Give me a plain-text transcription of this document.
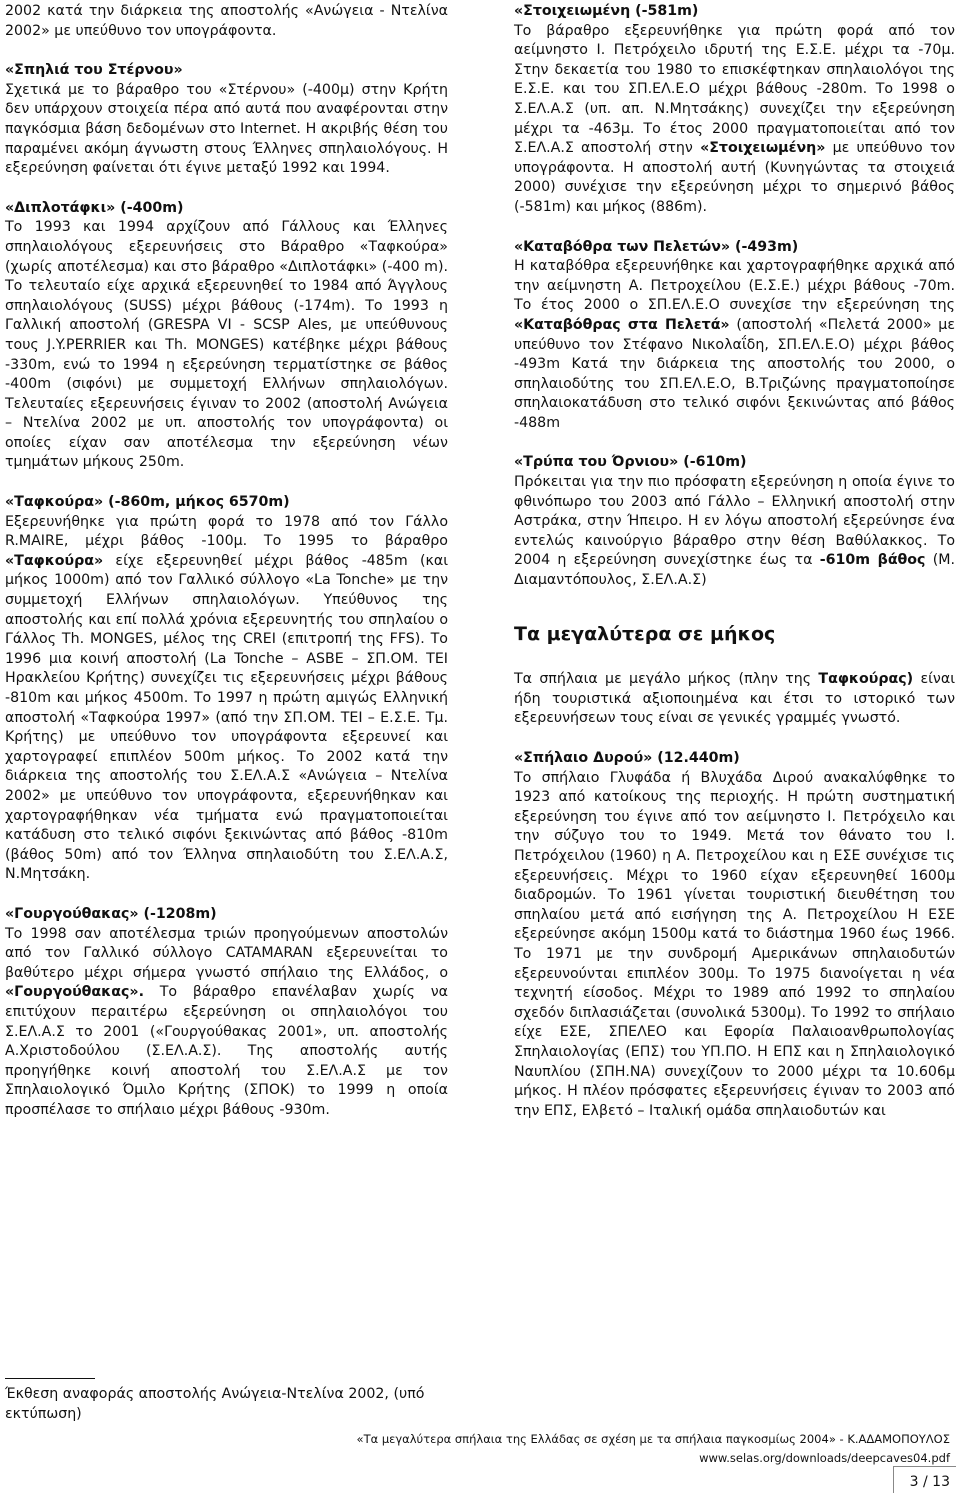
2002 κατά την διάρκεια της αποστολής «Ανώγεια - Ντελίνα 2002» με υπεύθυνο τον υπογράφοντα.

«Σπηλιά του Στέρνου»

Σχετικά με το βάραθρο του «Στέρνου» (-400μ) στην Κρήτη δεν υπάρχουν στοιχεία πέρα από αυτά που αναφέρονται στην παγκόσμια βάση δεδομένων στο Internet. Η ακριβής θέση του παραμένει ακόμη άγνωστη στους Έλληνες σπηλαιολόγους. Η εξερεύνηση φαίνεται ότι έγινε μεταξύ 1992 και 1994.

«Διπλοτάφκι» (-400m)

Το 1993 και 1994 αρχίζουν από Γάλλους και Έλληνες σπηλαιολόγους εξερευνήσεις στο Βάραθρο «Ταφκούρα» (χωρίς αποτέλεσμα) και στο βάραθρο «Διπλοτάφκι» (-400 m). Το τελευταίο είχε αρχικά εξερευνηθεί το 1984 από Άγγλους σπηλαιολόγους (SUSS) μέχρι βάθους (-174m). Το 1993 η Γαλλική αποστολή (GRESPA VI - SCSP Ales, με υπεύθυνους τους J.Y.PERRIER και Th. MONGES) κατέβηκε μέχρι βάθους -330m, ενώ το 1994 η εξερεύνηση τερματίστηκε σε βάθος -400m (σιφόνι) με συμμετοχή Ελλήνων σπηλαιολόγων. Τελευταίες εξερευνήσεις έγιναν το 2002 (αποστολή Ανώγεια – Ντελίνα 2002 με υπ. αποστολής τον υπογράφοντα) οι οποίες είχαν σαν αποτέλεσμα την εξερεύνηση νέων τμημάτων μήκους 250m.

«Ταφκούρα» (-860m, μήκος 6570m)

Εξερευνήθηκε για πρώτη φορά το 1978 από τον Γάλλο R.MAIRE, μέχρι βάθος -100μ. Το 1995 το βάραθρο «Ταφκούρα» είχε εξερευνηθεί μέχρι βάθος -485m (και μήκος 1000m) από τον Γαλλικό σύλλογο «La Tonche» με την συμμετοχή Ελλήνων σπηλαιολόγων. Υπεύθυνος της αποστολής και επί πολλά χρόνια εξερευνητής του σπηλαίου ο Γάλλος Th. MONGES, μέλος της CREI (επιτροπή της FFS). Το 1996 μια κοινή αποστολή (La Tonche – ASBE – ΣΠ.ΟΜ. ΤΕΙ Ηρακλείου Κρήτης) συνεχίζει τις εξερευνήσεις μέχρι βάθους -810m και μήκος 4500m. Το 1997 η πρώτη αμιγώς Ελληνική αποστολή «Ταφκούρα 1997» (από την ΣΠ.ΟΜ. ΤΕΙ – Ε.Σ.Ε. Τμ. Κρήτης) με υπεύθυνο τον υπογράφοντα εξερευνεί και χαρτογραφεί επιπλέον 500m μήκος. Το 2002 κατά την διάρκεια της αποστολής του Σ.ΕΛ.Α.Σ «Ανώγεια – Ντελίνα 2002» με υπεύθυνο τον υπογράφοντα, εξερευνήθηκαν και χαρτογραφήθηκαν νέα τμήματα ενώ πραγματοποιείται κατάδυση στο τελικό σιφόνι ξεκινώντας από βάθος -810m (βάθος 50m) από τον Έλληνα σπηλαιοδύτη του Σ.ΕΛ.Α.Σ, Ν.Μητσάκη.

«Γουργούθακας» (-1208m)

Το 1998 σαν αποτέλεσμα τριών προηγούμενων αποστολών από τον Γαλλικό σύλλογο CATAMARAN εξερευνείται το βαθύτερο μέχρι σήμερα γνωστό σπήλαιο της Ελλάδος, ο «Γουργούθακας». Το βάραθρο επανέλαβαν χωρίς να επιτύχουν περαιτέρω εξερεύνηση οι σπηλαιολόγοι του Σ.ΕΛ.Α.Σ το 2001 («Γουργούθακας 2001», υπ. αποστολής Α.Χριστοδούλου (Σ.ΕΛ.Α.Σ). Της αποστολής αυτής προηγήθηκε κοινή αποστολή του Σ.ΕΛ.Α.Σ με τον Σπηλαιολογικό Όμιλο Κρήτης (ΣΠΟΚ) το 1999 η οποία προσπέλασε το σπήλαιο μέχρι βάθους -930m.

Έκθεση αναφοράς αποστολής Ανώγεια-Ντελίνα 2002, (υπό εκτύπωση)

«Στοιχειωμένη (-581m)

Το βάραθρο εξερευνήθηκε για πρώτη φορά από τον αείμνηστο Ι. Πετρόχειλο ιδρυτή της Ε.Σ.Ε. μέχρι τα -70μ. Στην δεκαετία του 1980 το επισκέφτηκαν σπηλαιολόγοι της Ε.Σ.Ε. και του ΣΠ.ΕΛ.Ε.Ο μέχρι βάθους -280m. Το 1998 ο Σ.ΕΛ.Α.Σ (υπ. απ. Ν.Μητσάκης) συνεχίζει την εξερεύνηση μέχρι τα -463μ. Το έτος 2000 πραγματοποιείται από τον Σ.ΕΛ.Α.Σ αποστολή στην «Στοιχειωμένη» με υπεύθυνο τον υπογράφοντα. Η αποστολή αυτή (Κυνηγώντας τα στοιχειά 2000) συνέχισε την εξερεύνηση μέχρι το σημερινό βάθος (-581m) και μήκος (886m).

«Καταβόθρα των Πελετών» (-493m)

Η καταβόθρα εξερευνήθηκε και χαρτογραφήθηκε αρχικά από την αείμνηστη Α. Πετροχείλου (Ε.Σ.Ε.) μέχρι βάθους -70m. Το έτος 2000 ο ΣΠ.ΕΛ.Ε.Ο συνεχίσε την εξερεύνηση της «Καταβόθρας στα Πελετά» (αποστολή «Πελετά 2000» με υπεύθυνο τον Στέφανο Νικολαΐδη, ΣΠ.ΕΛ.Ε.Ο) μέχρι βάθος -493m Κατά την διάρκεια της αποστολής του 2000, ο σπηλαιοδύτης του ΣΠ.ΕΛ.Ε.Ο, Β.Τριζώνης πραγματοποίησε σπηλαιοκατάδυση στο τελικό σιφόνι ξεκινώντας από βάθος -488m

«Τρύπα του Όρνιου» (-610m)

Πρόκειται για την πιο πρόσφατη εξερεύνηση η οποία έγινε το φθινόπωρο του 2003 από Γάλλο – Ελληνική αποστολή στην Αστράκα, στην Ήπειρο. Η εν λόγω αποστολή εξερεύνησε ένα εντελώς καινούργιο βάραθρο στην θέση Βαθύλακκος. Το 2004 η εξερεύνηση συνεχίστηκε έως τα -610m βάθος (Μ. Διαμαντόπουλος, Σ.ΕΛ.Α.Σ)

Τα μεγαλύτερα σε μήκος

Τα σπήλαια με μεγάλο μήκος (πλην της Ταφκούρας) είναι ήδη τουριστικά αξιοποιημένα και έτσι το ιστορικό των εξερευνήσεων τους είναι σε γενικές γραμμές γνωστό.

«Σπήλαιο Δυρού» (12.440m)

Το σπήλαιο Γλυφάδα ή Βλυχάδα Διρού ανακαλύφθηκε το 1923 από κατοίκους της περιοχής. Η πρώτη συστηματική εξερεύνηση του έγινε από τον αείμνηστο Ι. Πετρόχειλο και την σύζυγο του το 1949. Μετά τον θάνατο του Ι. Πετρόχειλου (1960) η Α. Πετροχείλου και η ΕΣΕ συνέχισε τις εξερευνήσεις. Μέχρι το 1960 είχαν εξερευνηθεί 1600μ διαδρομών. Το 1961 γίνεται τουριστική διευθέτηση του σπηλαίου μετά από εισήγηση της Α. Πετροχείλου Η ΕΣΕ εξερεύνησε ακόμη 1500μ κατά το διάστημα 1960 έως 1966. Το 1971 με την συνδρομή Αμερικάνων σπηλαιοδυτών εξερευνούνται επιπλέον 300μ. Το 1975 διανοίγεται η νέα τεχνητή είσοδος. Μέχρι το 1989 από 1992 το σπηλαίου σχεδόν διπλασιάζεται (συνολικά 5300μ). Το 1992 το σπήλαιο είχε ΕΣΕ, ΣΠΕΛΕΟ και Εφορία Παλαιοανθρωπολογίας Σπηλαιολογίας (ΕΠΣ) του ΥΠ.ΠΟ. Η ΕΠΣ και η Σπηλαιολογικό Ναυπλίου (ΣΠΗ.ΝΑ) συνεχίζουν το 2000 μέχρι τα 10.606μ μήκος. Η πλέον πρόσφατες εξερευνήσεις έγιναν το 2003 από την ΕΠΣ, Ελβετό – Ιταλική ομάδα σπηλαιοδυτών και

«Τα μεγαλύτερα σπήλαια της Ελλάδας σε σχέση με τα σπήλαια παγκοσμίως 2004» - Κ.ΑΔΑΜΟΠΟΥΛΟΣ
www.selas.org/downloads/deepcaves04.pdf
3 / 13
